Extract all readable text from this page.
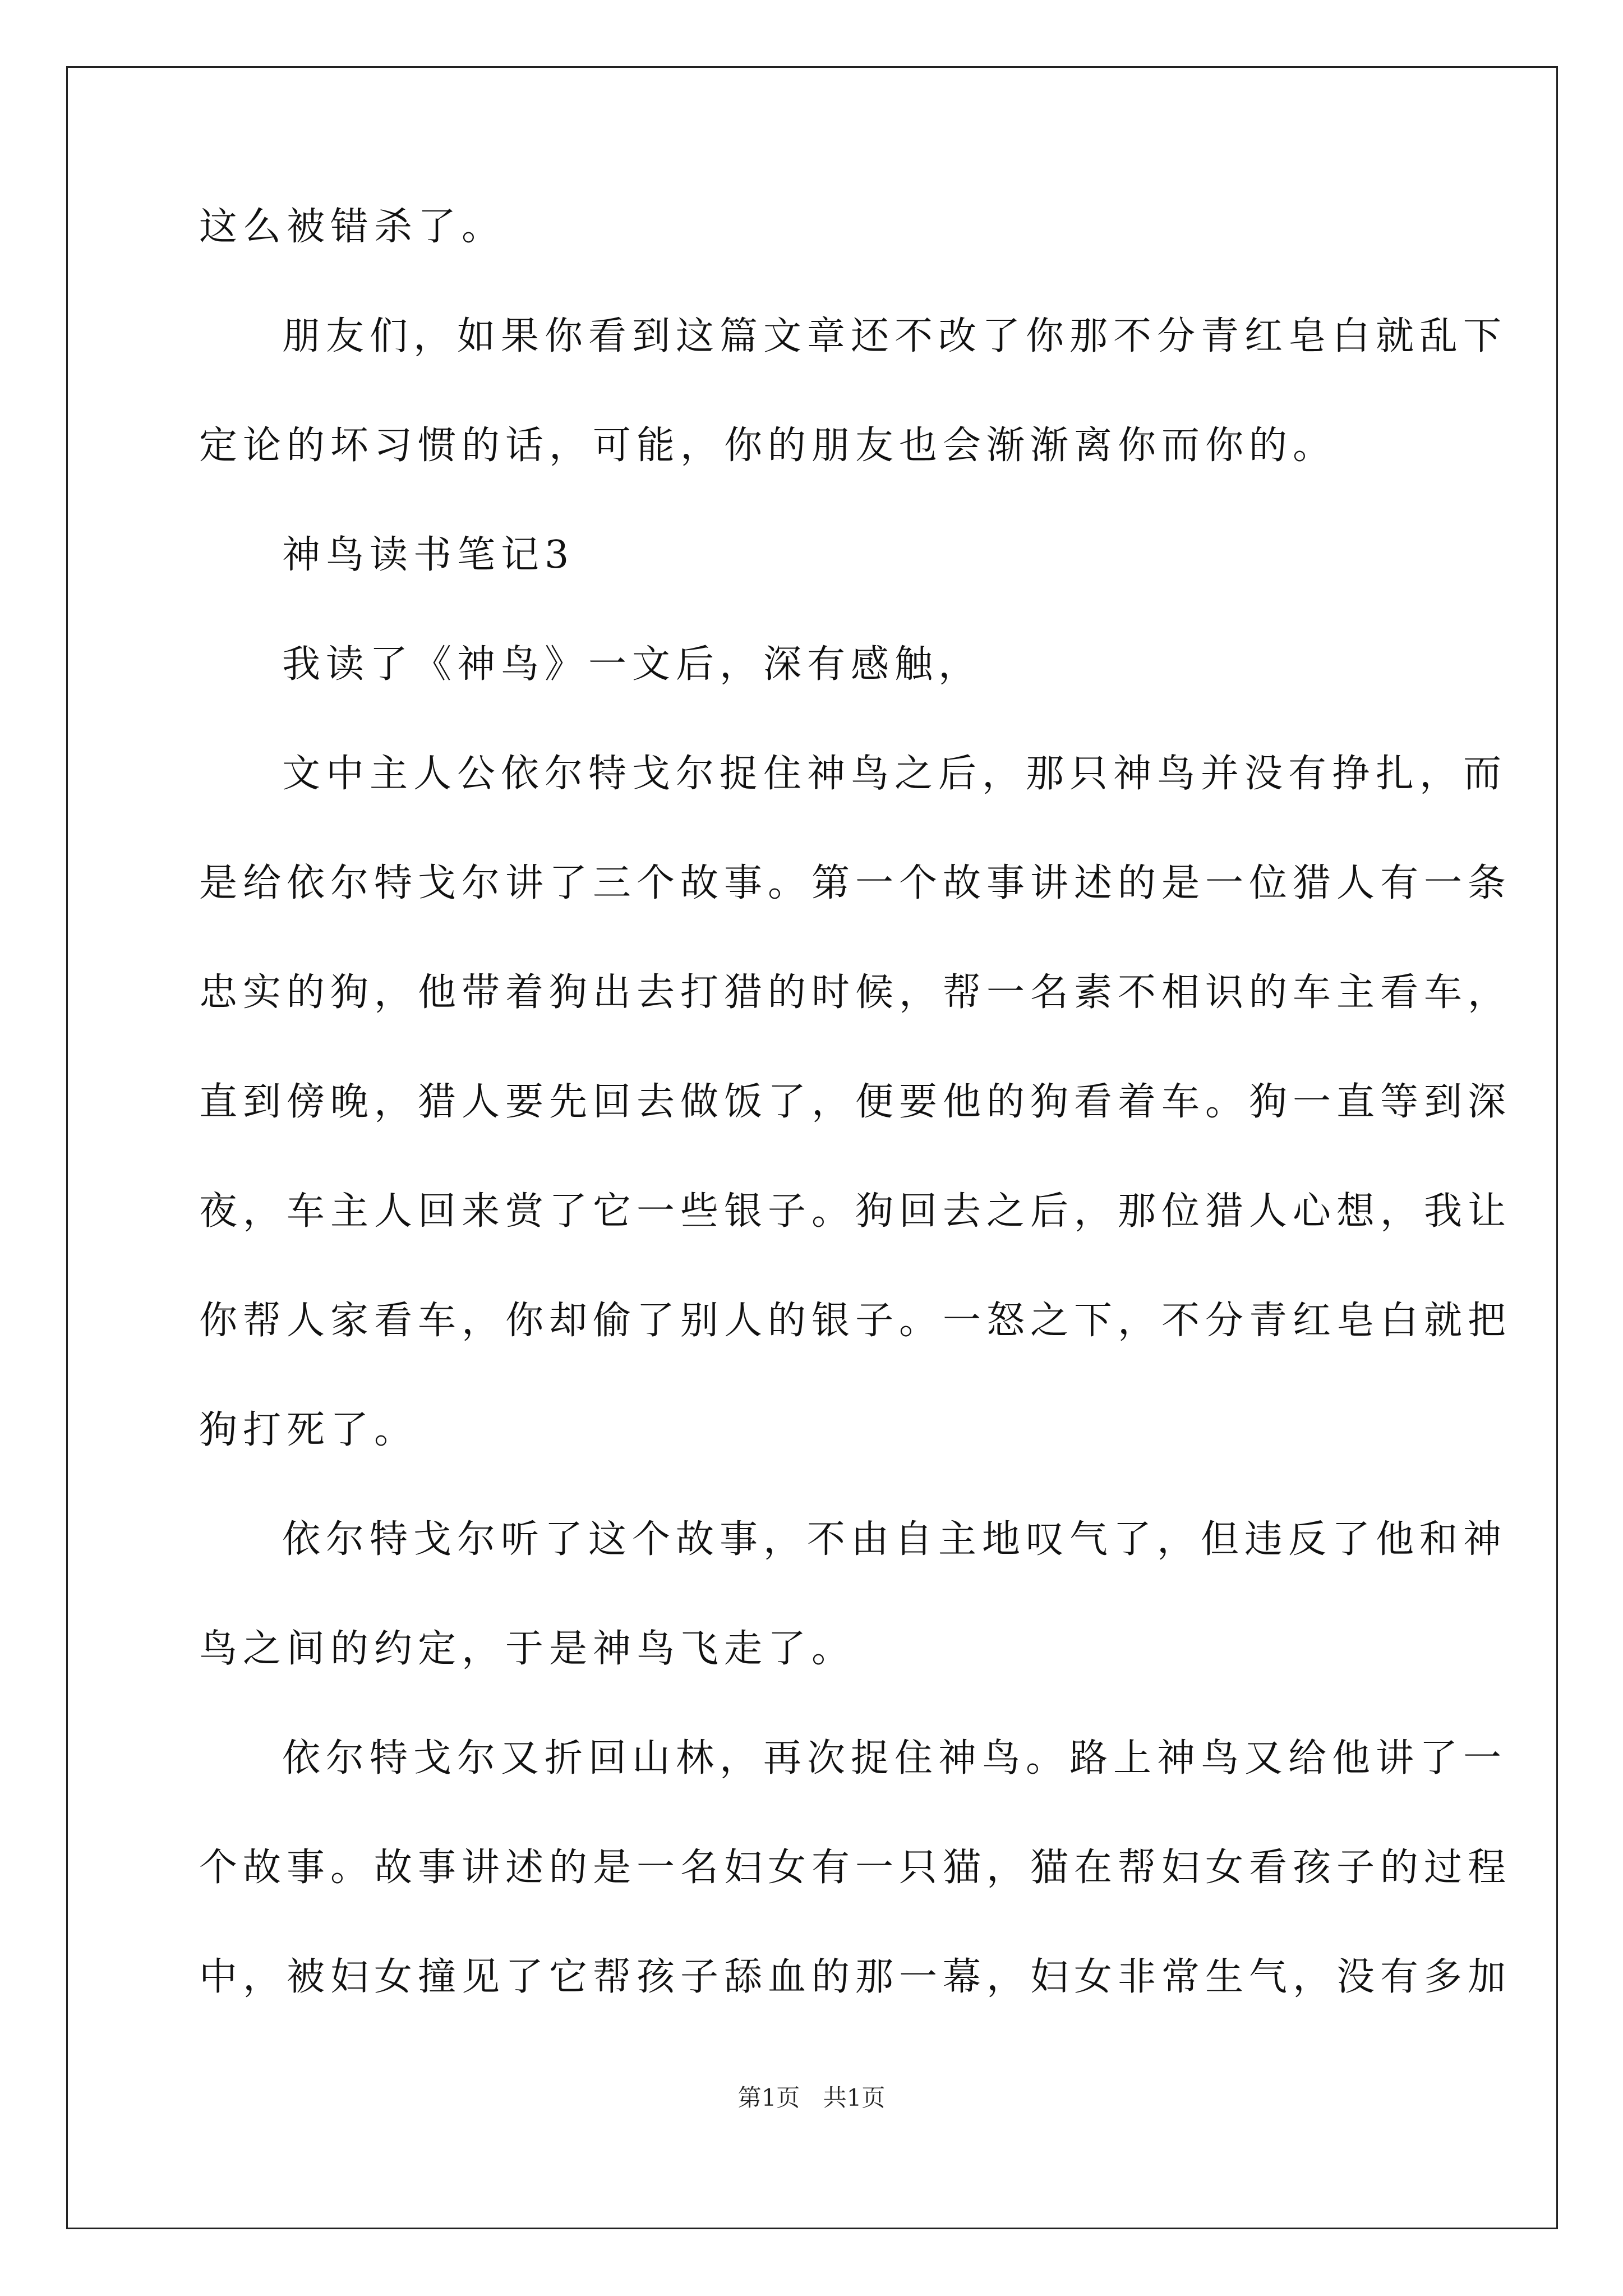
这么被错杀了。
朋友们，如果你看到这篇文章还不改了你那不分青红皂白就乱下
定论的坏习惯的话，可能，你的朋友也会渐渐离你而你的。
神鸟读书笔记3
我读了《神鸟》一文后，深有感触，
文中主人公依尔特戈尔捉住神鸟之后，那只神鸟并没有挣扎，而
是给依尔特戈尔讲了三个故事。第一个故事讲述的是一位猎人有一条
忠实的狗，他带着狗出去打猎的时候，帮一名素不相识的车主看车，
直到傍晚，猎人要先回去做饭了，便要他的狗看着车。狗一直等到深
夜，车主人回来赏了它一些银子。狗回去之后，那位猎人心想，我让
你帮人家看车，你却偷了别人的银子。一怒之下，不分青红皂白就把
狗打死了。
依尔特戈尔听了这个故事，不由自主地叹气了，但违反了他和神
鸟之间的约定，于是神鸟飞走了。
依尔特戈尔又折回山林，再次捉住神鸟。路上神鸟又给他讲了一
个故事。故事讲述的是一名妇女有一只猫，猫在帮妇女看孩子的过程
中，被妇女撞见了它帮孩子舔血的那一幕，妇女非常生气，没有多加
第1页 共1页
